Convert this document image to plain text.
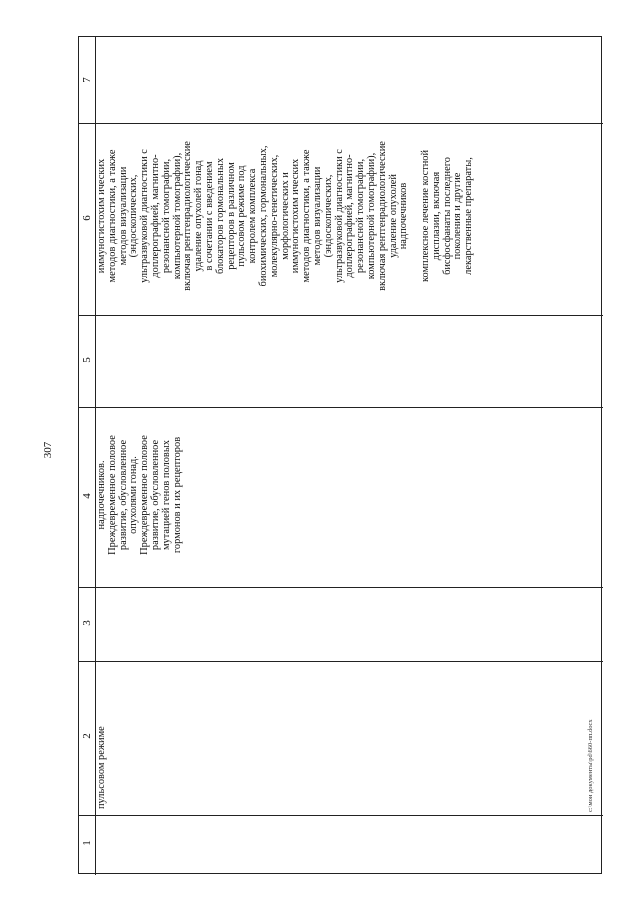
307
c:\мои документы\pd\660-пп.docx
7
6
5
4
3
2
1
пульсовом режиме
надпочечников.
Преждевременное половое
развитие, обусловленное
опухолями гонад.
Преждевременное половое
развитие, обусловленное
мутацией генов половых
гормонов и их рецепторов
иммуногистохим ических
методов диагностики, а также
методов визуализации
(эндоскопических,
ультразвуковой диагностики с
доплерографией, магнитно-
резонансной томографии,
компьютерной томографии),
включая рентгенрадиологические
удаление опухолей гонад
в сочетании с введением
блокаторов гормональных
рецепторов в различном
пульсовом режиме под
контролем комплекса
биохимических, гормональных,
молекулярно-генетических,
морфологических и
иммуногистохим ических
методов диагностики, а также
методов визуализации
(эндоскопических,
ультразвуковой диагностики с
доплерографией, магнитно-
резонансной томографии,
компьютерной томографии),
включая рентгенрадиологические
удаление опухолей
надпочечников

комплексное лечение костной
дисплазии, включая
бисфосфанаты последнего
поколения и другие
лекарственные препараты,
